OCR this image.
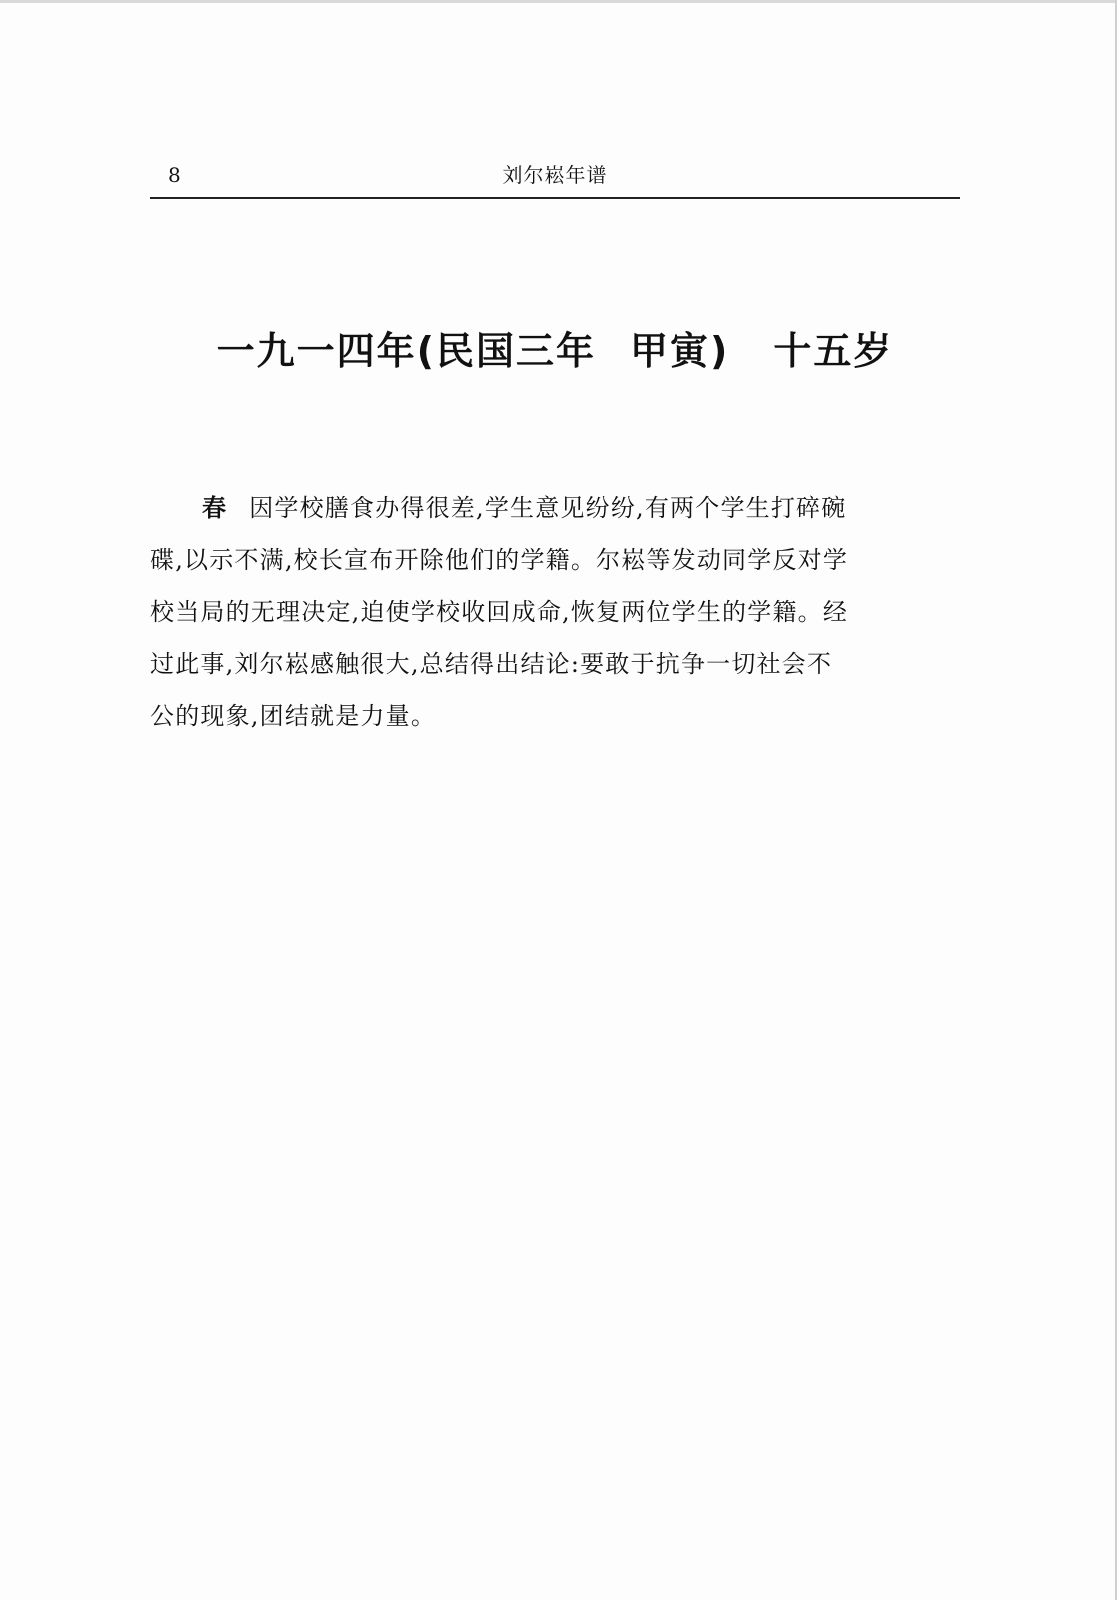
8	刘尔崧年谱
一九一四年(民国三年 甲寅) 十五岁
春 因学校膳食办得很差,学生意见纷纷,有两个学生打碎碗
碟,以示不满,校长宣布开除他们的学籍。尔崧等发动同学反对学
校当局的无理决定,迫使学校收回成命,恢复两位学生的学籍。经
过此事,刘尔崧感触很大,总结得出结论:要敢于抗争一切社会不
公的现象,团结就是力量。
